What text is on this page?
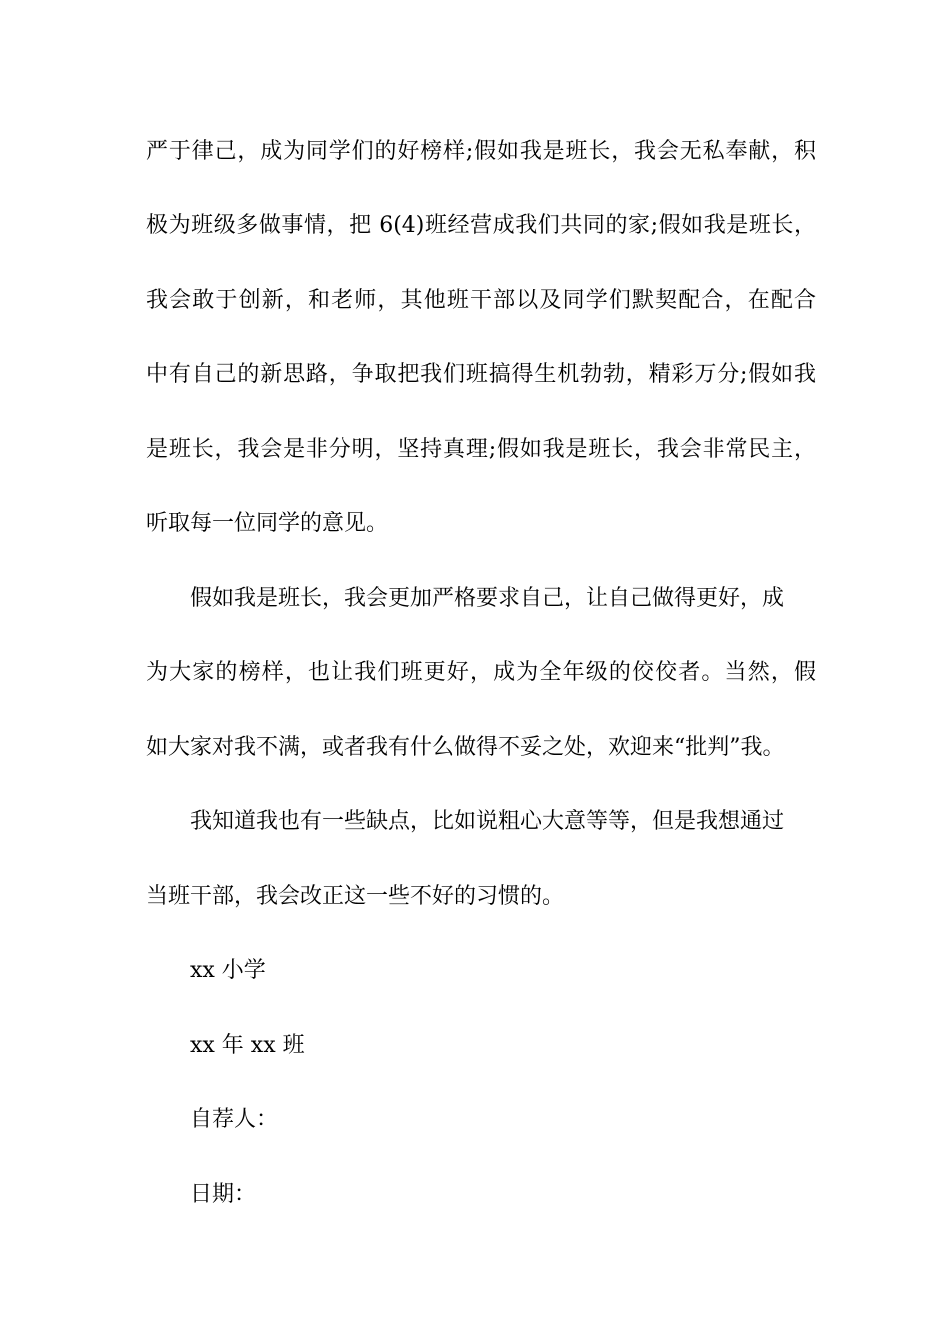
严于律己，成为同学们的好榜样;假如我是班长，我会无私奉献，积
极为班级多做事情，把 6(4)班经营成我们共同的家;假如我是班长，
我会敢于创新，和老师，其他班干部以及同学们默契配合，在配合
中有自己的新思路，争取把我们班搞得生机勃勃，精彩万分;假如我
是班长，我会是非分明，坚持真理;假如我是班长，我会非常民主，
听取每一位同学的意见。
假如我是班长，我会更加严格要求自己，让自己做得更好，成
为大家的榜样，也让我们班更好，成为全年级的佼佼者。当然，假
如大家对我不满，或者我有什么做得不妥之处，欢迎来“批判”我。
我知道我也有一些缺点，比如说粗心大意等等，但是我想通过
当班干部，我会改正这一些不好的习惯的。
xx 小学
xx 年 xx 班
自荐人：
日期：
